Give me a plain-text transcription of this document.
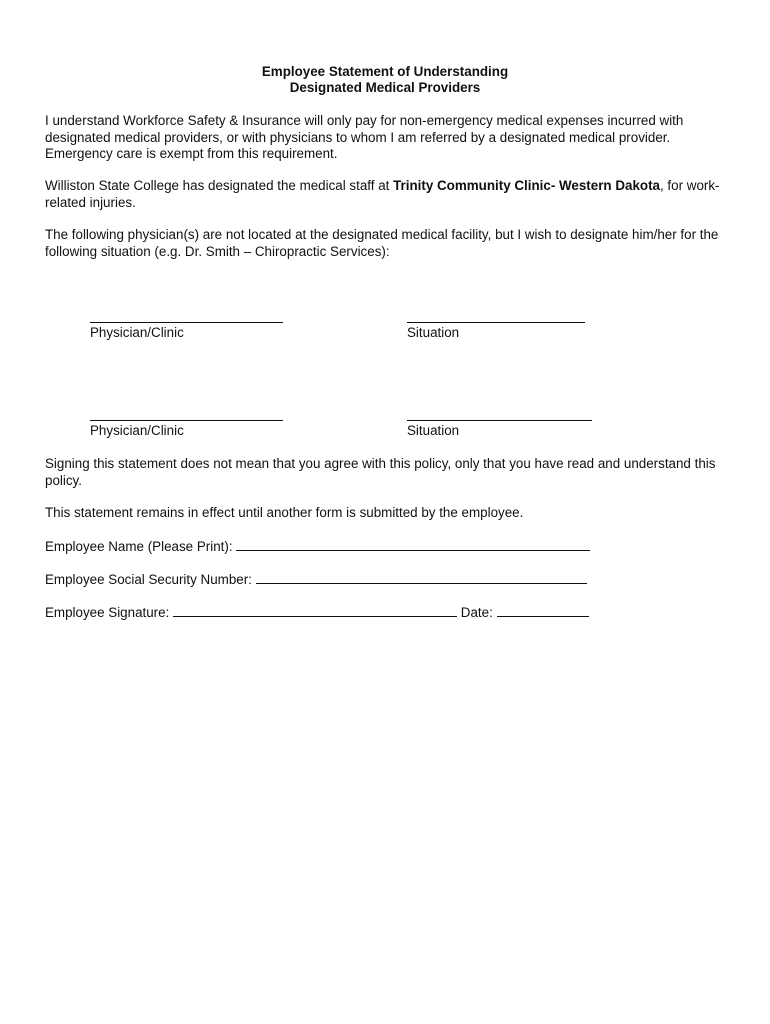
Employee Statement of Understanding
Designated Medical Providers

I understand Workforce Safety & Insurance will only pay for non-emergency medical expenses incurred with designated medical providers, or with physicians to whom I am referred by a designated medical provider. Emergency care is exempt from this requirement.

Williston State College has designated the medical staff at Trinity Community Clinic- Western Dakota, for work-related injuries.

The following physician(s) are not located at the designated medical facility, but I wish to designate him/her for the following situation (e.g. Dr. Smith – Chiropractic Services):

Physician/Clinic	Situation
Physician/Clinic	Situation

Signing this statement does not mean that you agree with this policy, only that you have read and understand this policy.

This statement remains in effect until another form is submitted by the employee.

Employee Name (Please Print):
Employee Social Security Number:
Employee Signature:	Date:
